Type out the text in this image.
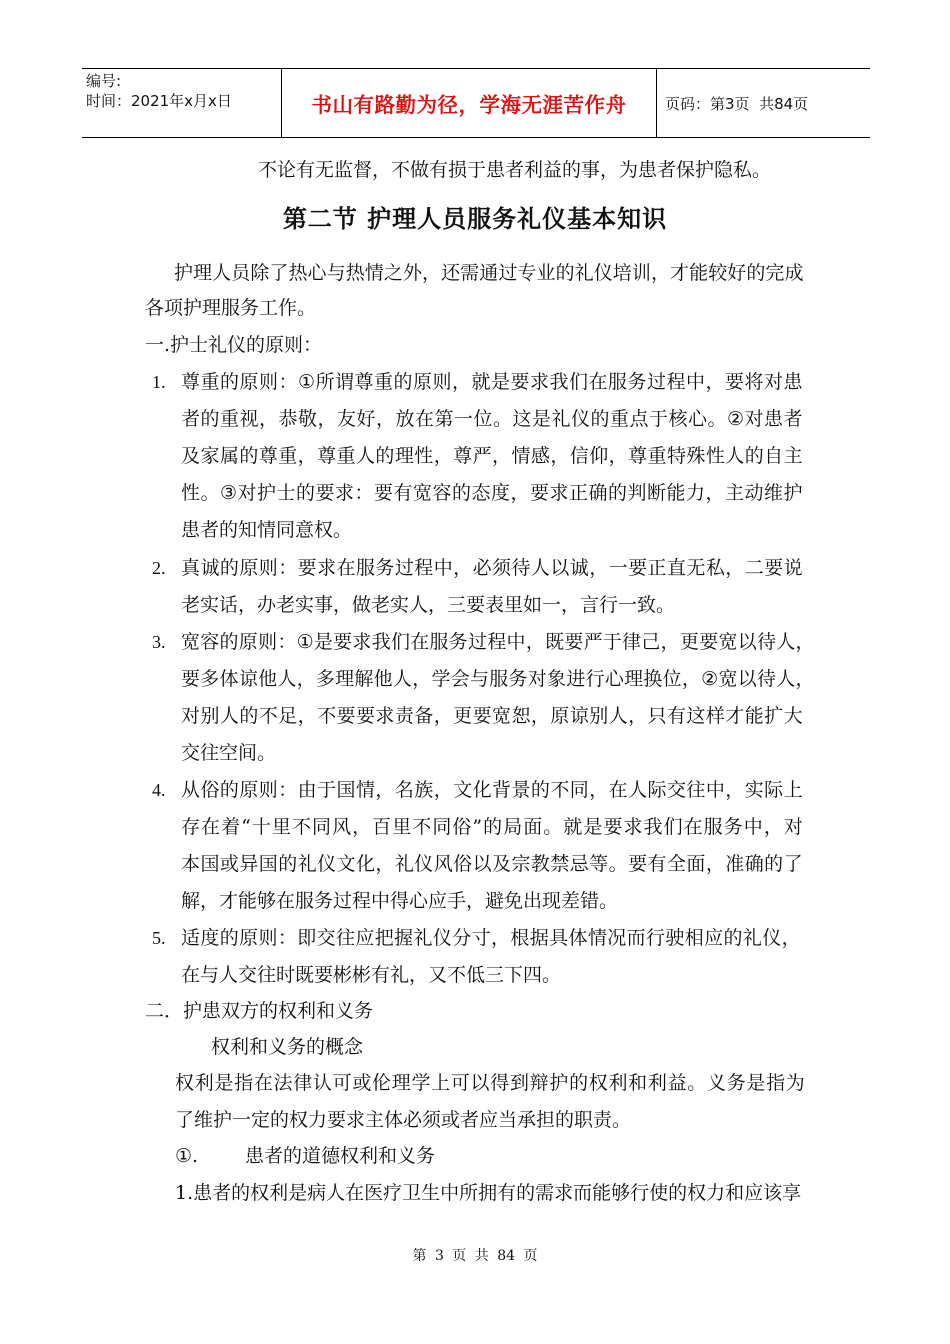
编号:
时间：2021年x月x日	书山有路勤为径，学海无涯苦作舟	页码：第3页  共84页
不论有无监督，不做有损于患者利益的事，为患者保护隐私。
第二节 护理人员服务礼仪基本知识
护 理 人 员 除 了 热 心 与 热 情 之 外 ， 还 需 通 过 专 业 的 礼 仪 培 训 ， 才 能 较 好 的 完 成
各项护理服务工作。
一.护士礼仪的原则：
1. 尊 重 的 原 则 ： ① 所 谓 尊 重 的 原 则 ， 就 是 要 求 我 们 在 服 务 过 程 中 ， 要 将 对 患
者 的 重 视 ， 恭 敬 ， 友 好 ， 放 在 第 一 位 。 这 是 礼 仪 的 重 点 于 核 心 。 ② 对 患 者
及 家 属 的 尊 重 ， 尊 重 人 的 理 性 ， 尊 严 ， 情 感 ， 信 仰 ， 尊 重 特 殊 性 人 的 自 主
性 。 ③ 对 护 士 的 要 求 ： 要 有 宽 容 的 态 度 ， 要 求 正 确 的 判 断 能 力 ， 主 动 维 护
患者的知情同意权。
2. 真 诚 的 原 则 ： 要 求 在 服 务 过 程 中 ， 必 须 待 人 以 诚 ， 一 要 正 直 无 私 ， 二 要 说
老实话，办老实事，做老实人，三要表里如一，言行一致。
3. 宽 容 的 原 则 ： ① 是 要 求 我 们 在 服 务 过 程 中 ， 既 要 严 于 律 己 ， 更 要 宽 以 待 人 ，
要 多 体 谅 他 人 ， 多 理 解 他 人 ， 学 会 与 服 务 对 象 进 行 心 理 换 位 ， ② 宽 以 待 人 ，
对 别 人 的 不 足 ， 不 要 要 求 责 备 ， 更 要 宽 恕 ， 原 谅 别 人 ， 只 有 这 样 才 能 扩 大
交往空间。
4. 从 俗 的 原 则 ： 由 于 国 情 ， 名 族 ， 文 化 背 景 的 不 同 ， 在 人 际 交 往 中 ， 实 际 上
存 在 着 “ 十 里 不 同 风 ， 百 里 不 同 俗 ” 的 局 面 。 就 是 要 求 我 们 在 服 务 中 ， 对
本 国 或 异 国 的 礼 仪 文 化 ， 礼 仪 风 俗 以 及 宗 教 禁 忌 等 。 要 有 全 面 ， 准 确 的 了
解，才能够在服务过程中得心应手，避免出现差错。
5. 适 度 的 原 则 ： 即 交 往 应 把 握 礼 仪 分 寸 ， 根 据 具 体 情 况 而 行 驶 相 应 的 礼 仪 ，
在与人交往时既要彬彬有礼，又不低三下四。
二．护患双方的权利和义务
权利和义务的概念
权 利 是 指 在 法 律 认 可 或 伦 理 学 上 可 以 得 到 辩 护 的 权 利 和 利 益 。 义 务 是 指 为
了维护一定的权力要求主体必须或者应当承担的职责。
①. 患者的道德权利和义务
1.患者的权利是病人在医疗卫生中所拥有的需求而能够行使的权力和应该享
第 3 页 共 84 页
